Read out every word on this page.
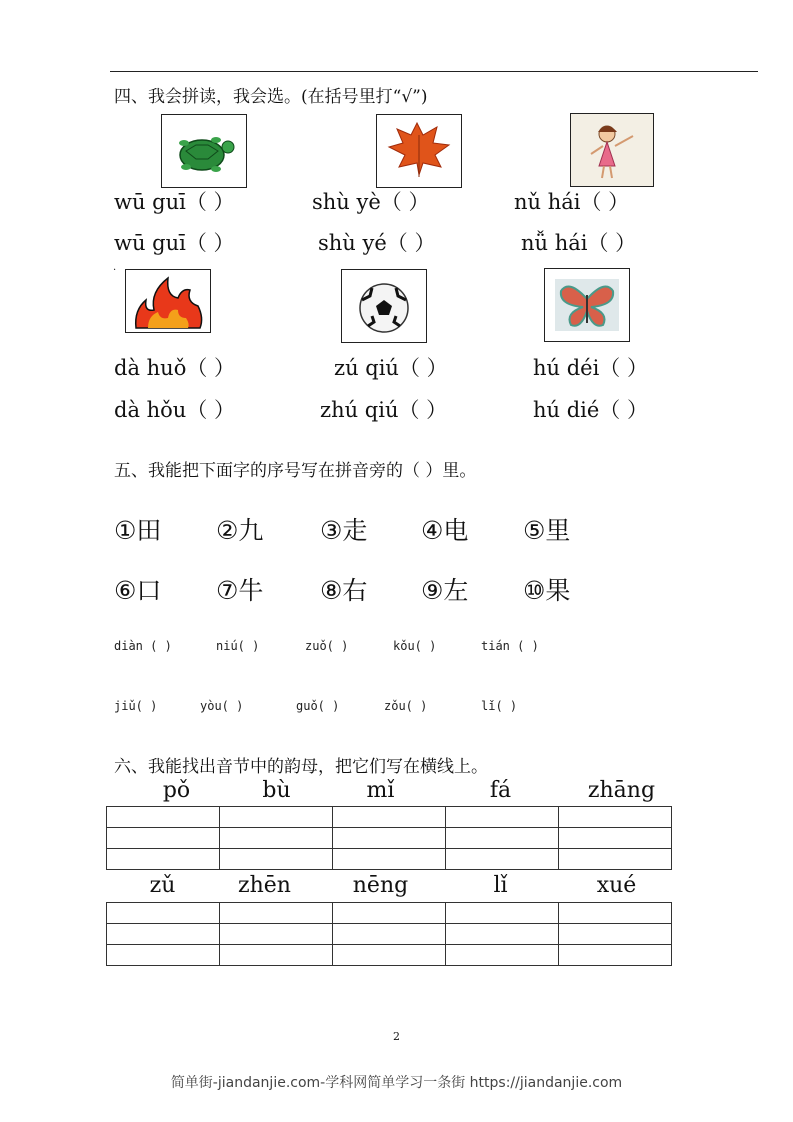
四、我会拼读，我会选。(在括号里打“√”)
wū guī（ ）	shù yè（ ）	nǔ hái（ ）
wū guī（ ）	shù yé（ ）	nǚ hái（ ）
.
dà huǒ（ ）	zú qiú（ ）	hú déi（ ）
dà hǒu（ ）	zhú qiú（ ）	hú dié（ ）
五、我能把下面字的序号写在拼音旁的（ ）里。
①田 ②九 ③走 ④电 ⑤里
⑥口 ⑦牛 ⑧右 ⑨左 ⑩果
diàn ( )	niú( )	zuǒ( )	kǒu( )	tián ( )
jiǔ( )	yòu( )	guǒ( )	zǒu( )	lǐ( )
六、我能找出音节中的韵母，把它们写在横线上。
pǒ	bù	mǐ	fá	zhāng

zǔ	zhēn	nēng	lǐ	xué

2
简单街-jiandanjie.com-学科网简单学习一条街 https://jiandanjie.com
